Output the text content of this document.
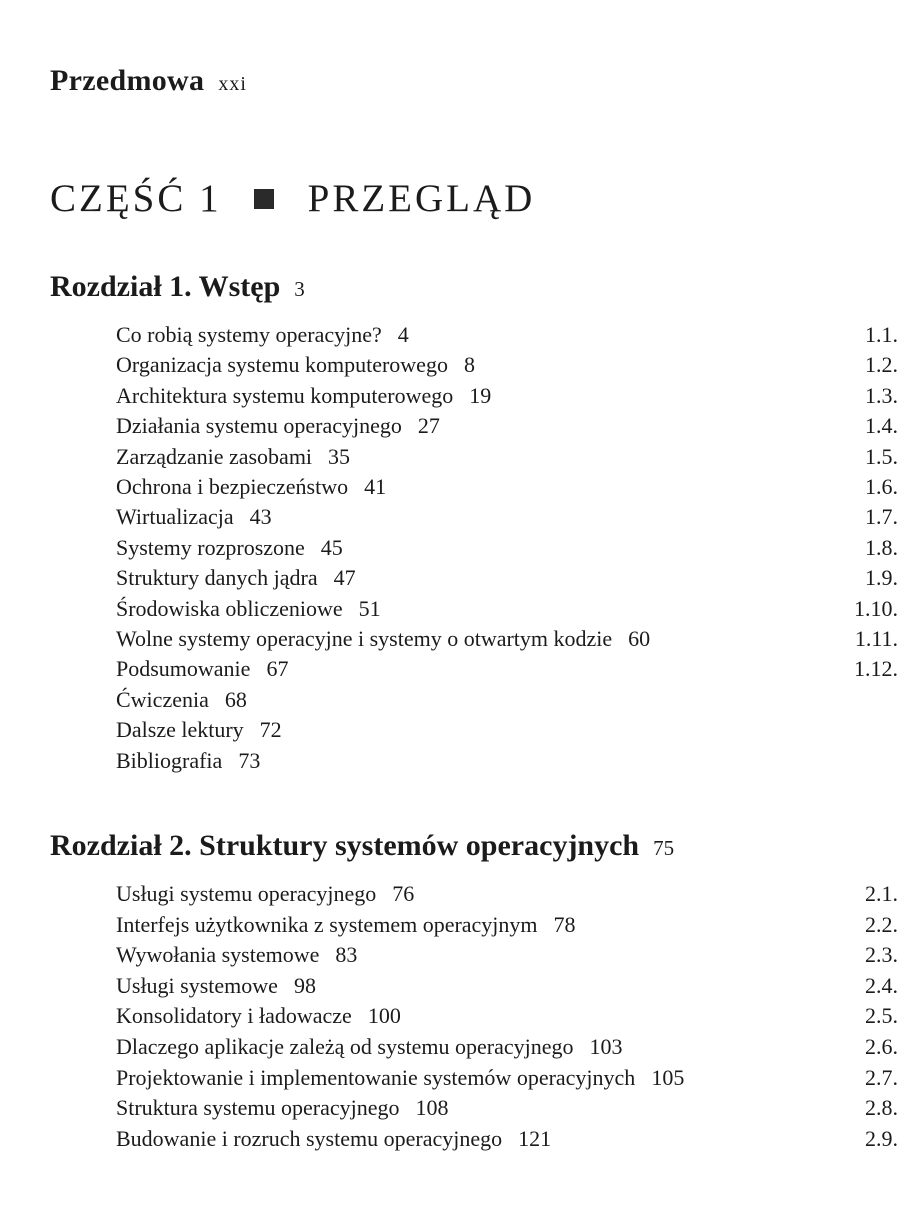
Przedmowa xxi
CZĘŚĆ 1 PRZEGLĄD
Rozdział 1. Wstęp 3
1.1.
Co robią systemy operacyjne? 4
1.2.
Organizacja systemu komputerowego 8
1.3.
Architektura systemu komputerowego 19
1.4.
Działania systemu operacyjnego 27
1.5.
Zarządzanie zasobami 35
1.6.
Ochrona i bezpieczeństwo 41
1.7.
Wirtualizacja 43
1.8.
Systemy rozproszone 45
1.9.
Struktury danych jądra 47
1.10.
Środowiska obliczeniowe 51
1.11.
Wolne systemy operacyjne i systemy o otwartym kodzie 60
1.12.
Podsumowanie 67
Ćwiczenia 68
Dalsze lektury 72
Bibliografia 73
Rozdział 2. Struktury systemów operacyjnych 75
2.1.
Usługi systemu operacyjnego 76
2.2.
Interfejs użytkownika z systemem operacyjnym 78
2.3.
Wywołania systemowe 83
2.4.
Usługi systemowe 98
2.5.
Konsolidatory i ładowacze 100
2.6.
Dlaczego aplikacje zależą od systemu operacyjnego 103
2.7.
Projektowanie i implementowanie systemów operacyjnych 105
2.8.
Struktura systemu operacyjnego 108
2.9.
Budowanie i rozruch systemu operacyjnego 121
